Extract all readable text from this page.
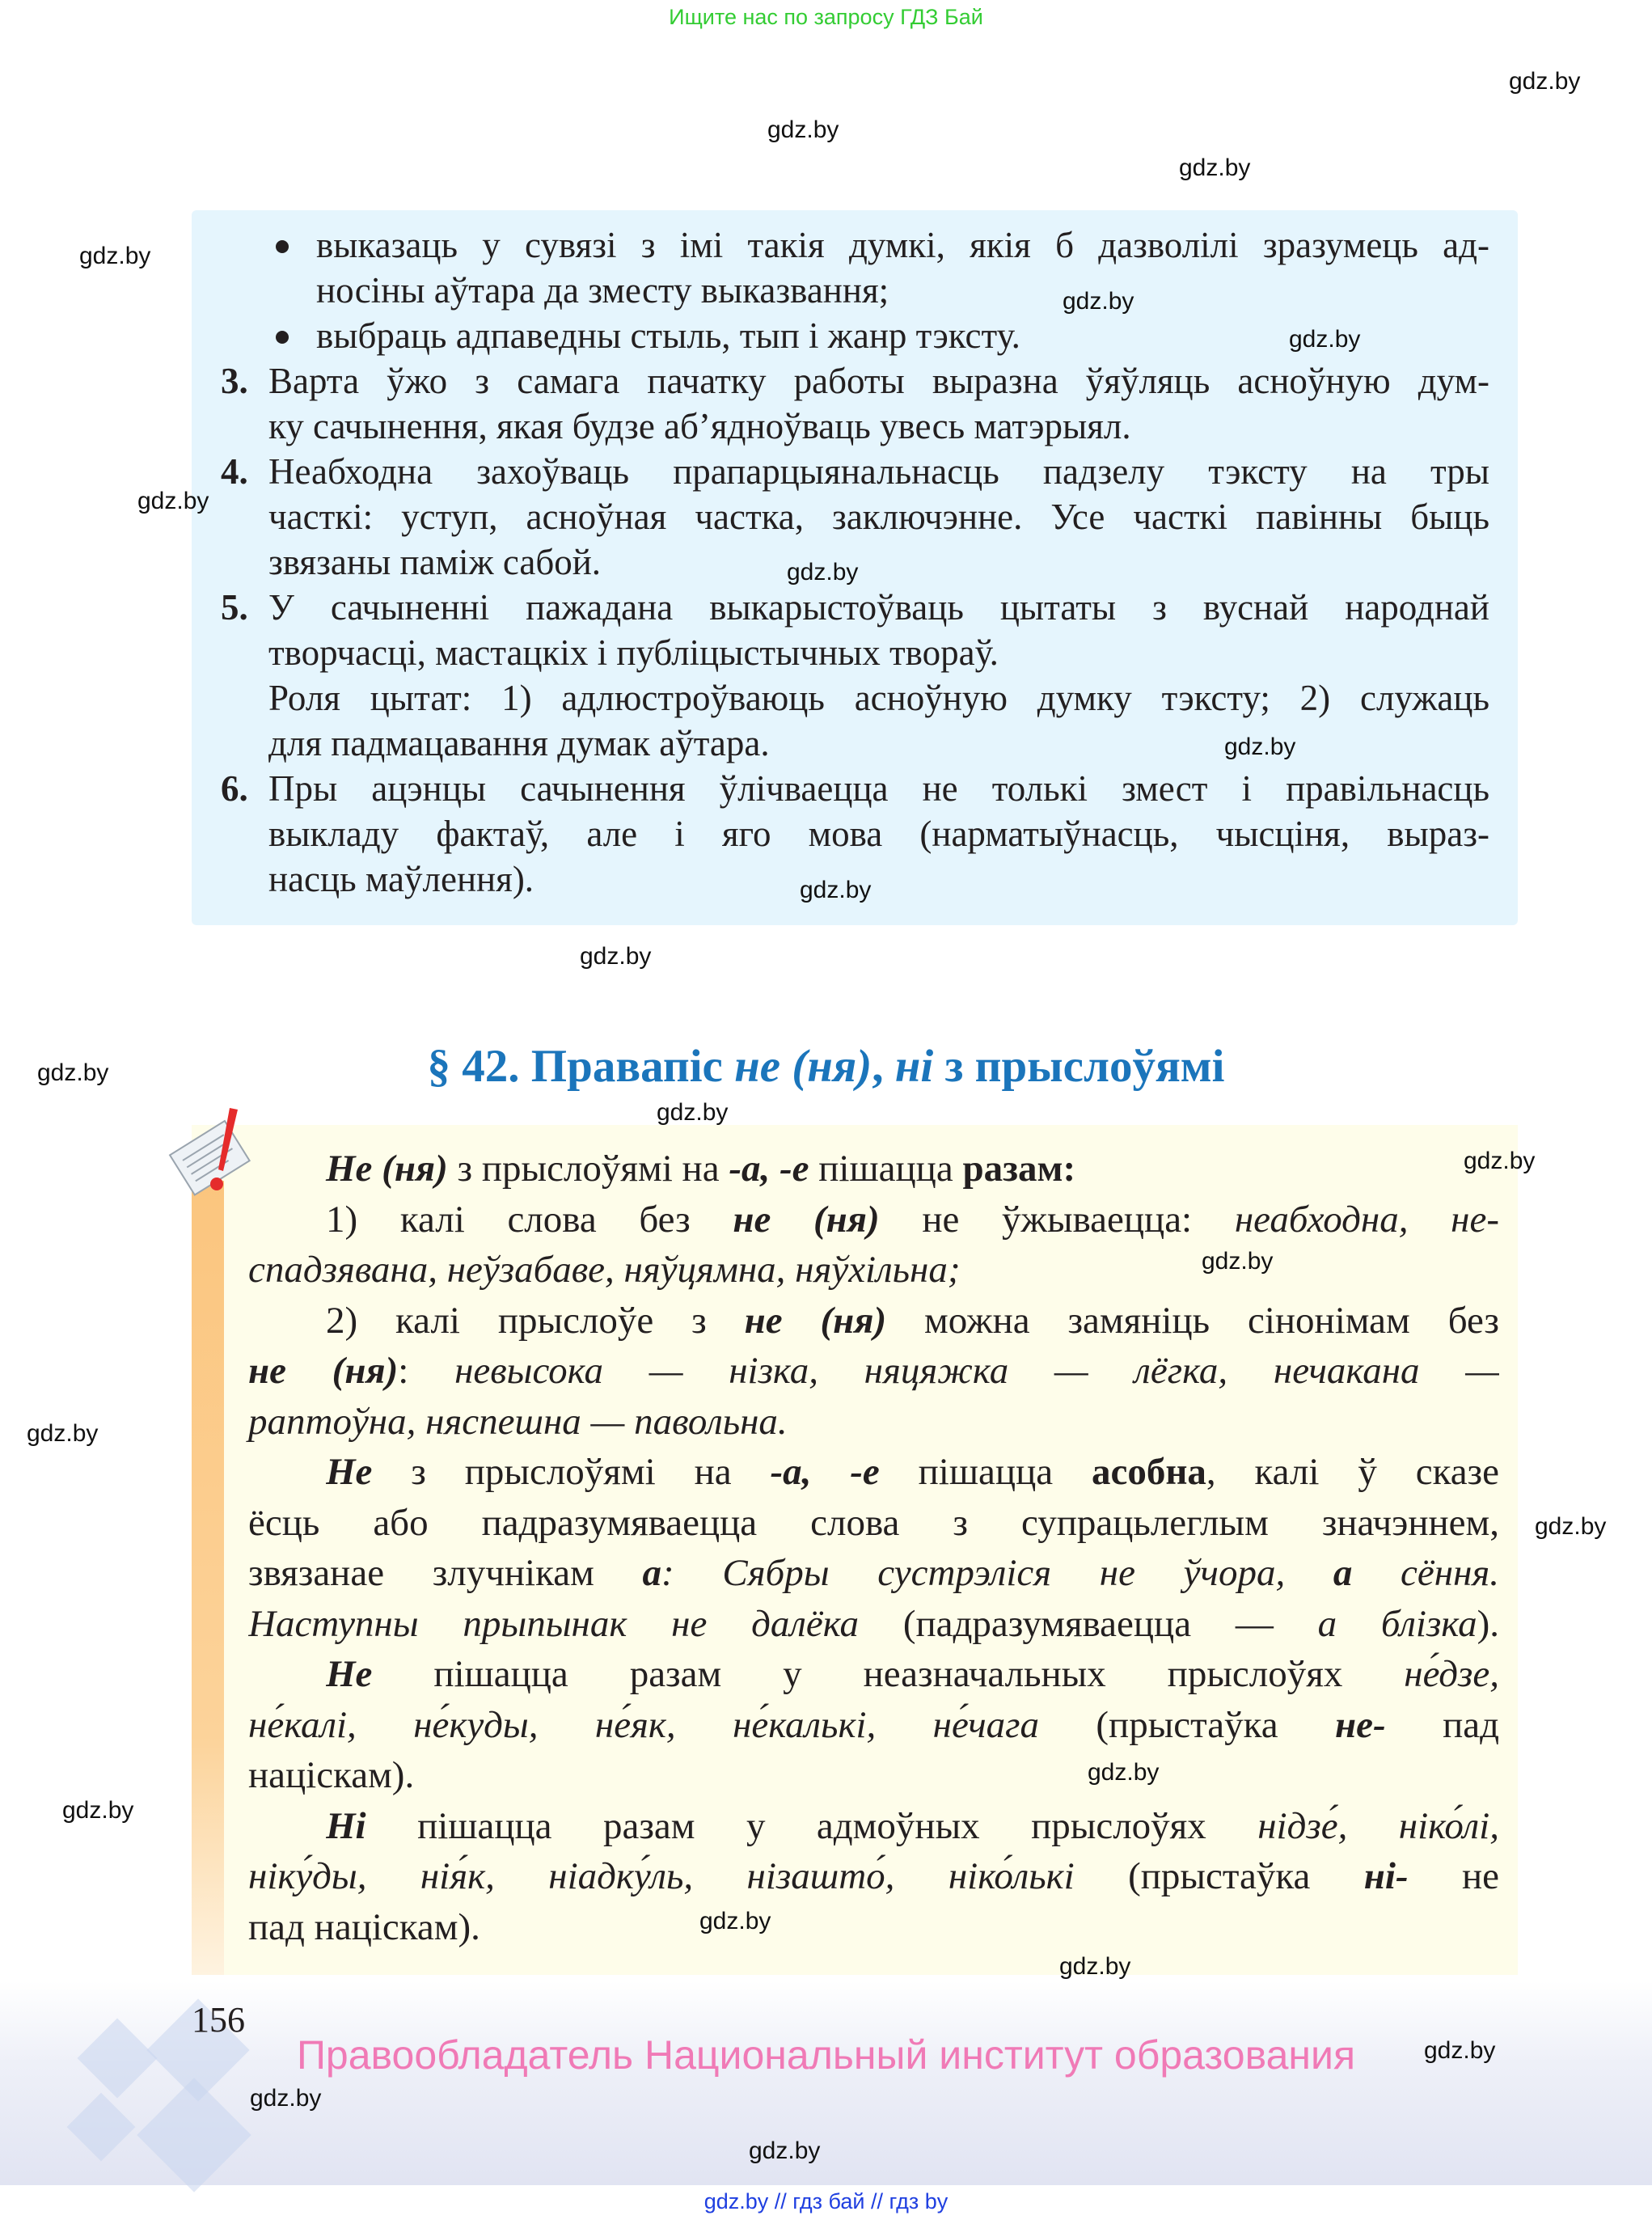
Ищите нас по запросу ГДЗ Бай
выказаць у сувязі з імі такія думкі, якія б дазволілі зразумець ад-
носіны аўтара да зместу выказвання;
выбраць адпаведны стыль, тып і жанр тэксту.
3. Варта ўжо з самага пачатку работы выразна ўяўляць асноўную дум-
ку сачынення, якая будзе аб’ядноўваць увесь матэрыял.
4. Неабходна захоўваць прапарцыянальнасць падзелу тэксту на тры
часткі: уступ, асноўная частка, заключэнне. Усе часткі павінны быць
звязаны паміж сабой.
5. У сачыненні пажадана выкарыстоўваць цытаты з вуснай народнай
творчасці, мастацкіх і публіцыстычных твораў.
Роля цытат: 1) адлюстроўваюць асноўную думку тэксту; 2) служаць
для падмацавання думак аўтара.
6. Пры ацэнцы сачынення ўлічваецца не толькі змест і правільнасць
выкладу фактаў, але і яго мова (нарматыўнасць, чысціня, выраз-
насць маўлення).
§ 42. Правапіс не (ня), ні з прыслоўямі
Не (ня) з прыслоўямі на -а, -е пішацца разам:
1) калі слова без не (ня) не ўжываецца: неабходна, не-
спадзявана, неўзабаве, няўцямна, няўхільна;
2) калі прыслоўе з не (ня) можна замяніць сінонімам без
не (ня): невысока — нізка, няцяжка — лёгка, нечакана —
раптоўна, няспешна — павольна.
Не з прыслоўямі на -а, -е пішацца асобна, калі ў сказе
ёсць або падразумяваецца слова з супрацьлеглым значэннем,
звязанае злучнікам а: Сябры сустрэліся не ўчора, а сёння.
Наступны прыпынак не далёка (падразумяваецца — а блізка).
Не пішацца разам у неазначальных прыслоўях не́дзе,
не́калі, не́куды, не́як, не́калькі, не́чага (прыстаўка не- пад
націскам).
Ні пішацца разам у адмоўных прыслоўях нідзе́, ніко́лі,
ніку́ды, нія́к, ніадку́ль, нізашто́, ніко́лькі (прыстаўка ні- не
пад націскам).
156
Правообладатель Национальный институт образования
gdz.by // гдз бай // гдз by
gdz.by
gdz.by
gdz.by
gdz.by
gdz.by
gdz.by
gdz.by
gdz.by
gdz.by
gdz.by
gdz.by
gdz.by
gdz.by
gdz.by
gdz.by
gdz.by
gdz.by
gdz.by
gdz.by
gdz.by
gdz.by
gdz.by
gdz.by
gdz.by
